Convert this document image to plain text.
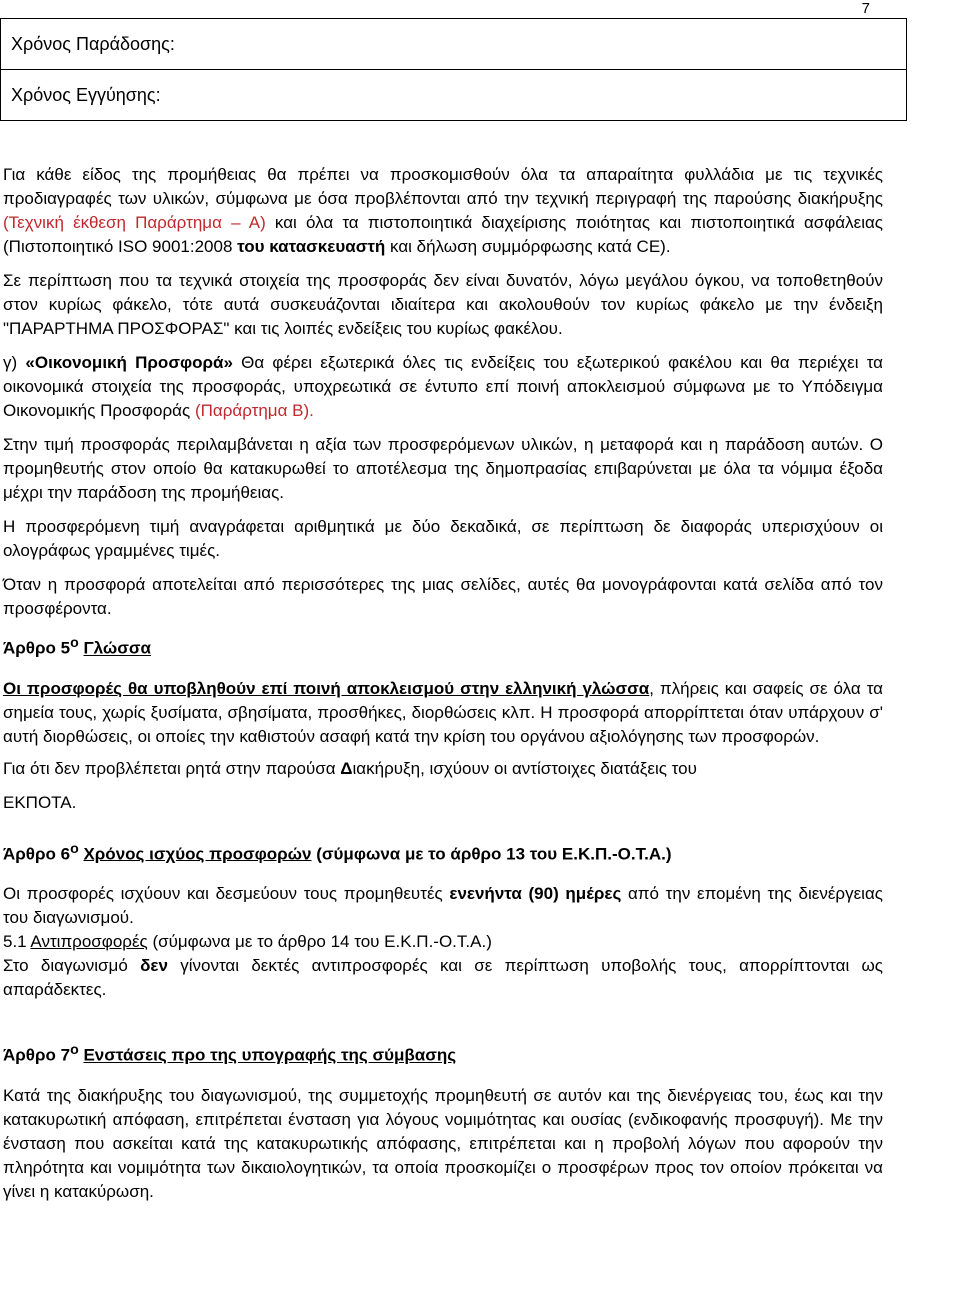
7
Χρόνος Παράδοσης:
Χρόνος Εγγύησης:

Για κάθε είδος της προμήθειας θα πρέπει να προσκομισθούν όλα τα απαραίτητα φυλλάδια με τις τεχνικές προδιαγραφές των υλικών, σύμφωνα με όσα προβλέπονται από την τεχνική περιγραφή της παρούσης διακήρυξης (Τεχνική έκθεση Παράρτημα – Α) και όλα τα πιστοποιητικά διαχείρισης ποιότητας και πιστοποιητικά ασφάλειας (Πιστοποιητικό ISO 9001:2008 του κατασκευαστή και δήλωση συμμόρφωσης κατά CE).

Σε περίπτωση που τα τεχνικά στοιχεία της προσφοράς δεν είναι δυνατόν, λόγω μεγάλου όγκου, να τοποθετηθούν στον κυρίως φάκελο, τότε αυτά συσκευάζονται ιδιαίτερα και ακολουθούν τον κυρίως φάκελο με την ένδειξη "ΠΑΡΑΡΤΗΜΑ ΠΡΟΣΦΟΡΑΣ" και τις λοιπές ενδείξεις του κυρίως φακέλου.

γ) «Οικονομική Προσφορά» Θα φέρει εξωτερικά όλες τις ενδείξεις του εξωτερικού φακέλου και θα περιέχει τα οικονομικά στοιχεία της προσφοράς, υποχρεωτικά σε έντυπο επί ποινή αποκλεισμού σύμφωνα με το Υπόδειγμα Οικονομικής Προσφοράς (Παράρτημα Β).

Στην τιμή προσφοράς περιλαμβάνεται η αξία των προσφερόμενων υλικών, η μεταφορά και η παράδοση αυτών. Ο προμηθευτής στον οποίο θα κατακυρωθεί το αποτέλεσμα της δημοπρασίας επιβαρύνεται με όλα τα νόμιμα έξοδα μέχρι την παράδοση της προμήθειας.

Η προσφερόμενη τιμή αναγράφεται αριθμητικά με δύο δεκαδικά, σε περίπτωση δε διαφοράς υπερισχύουν οι ολογράφως γραμμένες τιμές.

Όταν η προσφορά αποτελείται από περισσότερες της μιας σελίδες, αυτές θα μονογράφονται κατά σελίδα από τον προσφέροντα.

Άρθρο $5^o$ Γλώσσα

Οι προσφορές θα υποβληθούν επί ποινή αποκλεισμού στην ελληνική γλώσσα, πλήρεις και σαφείς σε όλα τα σημεία τους, χωρίς ξυσίματα, σβησίματα, προσθήκες, διορθώσεις κλπ. Η προσφορά απορρίπτεται όταν υπάρχουν σ' αυτή διορθώσεις, οι οποίες την καθιστούν ασαφή κατά την κρίση του οργάνου αξιολόγησης των προσφορών.

Για ότι δεν προβλέπεται ρητά στην παρούσα Διακήρυξη, ισχύουν οι αντίστοιχες διατάξεις του

ΕΚΠΟΤΑ.

Άρθρο $6^o$ Χρόνος ισχύος προσφορών (σύμφωνα με το άρθρο 13 του Ε.Κ.Π.-Ο.Τ.Α.)

Οι προσφορές ισχύουν και δεσμεύουν τους προμηθευτές ενενήντα (90) ημέρες από την επομένη της διενέργειας του διαγωνισμού.

5.1 Αντιπροσφορές (σύμφωνα με το άρθρο 14 του Ε.Κ.Π.-Ο.Τ.Α.)

Στο διαγωνισμό δεν γίνονται δεκτές αντιπροσφορές και σε περίπτωση υποβολής τους, απορρίπτονται ως απαράδεκτες.

Άρθρο $7^o$ Ενστάσεις προ της υπογραφής της σύμβασης

Κατά της διακήρυξης του διαγωνισμού, της συμμετοχής προμηθευτή σε αυτόν και της διενέργειας του, έως και την κατακυρωτική απόφαση, επιτρέπεται ένσταση για λόγους νομιμότητας και ουσίας (ενδικοφανής προσφυγή). Με την ένσταση που ασκείται κατά της κατακυρωτικής απόφασης, επιτρέπεται και η προβολή λόγων που αφορούν την πληρότητα και νομιμότητα των δικαιολογητικών, τα οποία προσκομίζει ο προσφέρων προς τον οποίον πρόκειται να γίνει η κατακύρωση.
